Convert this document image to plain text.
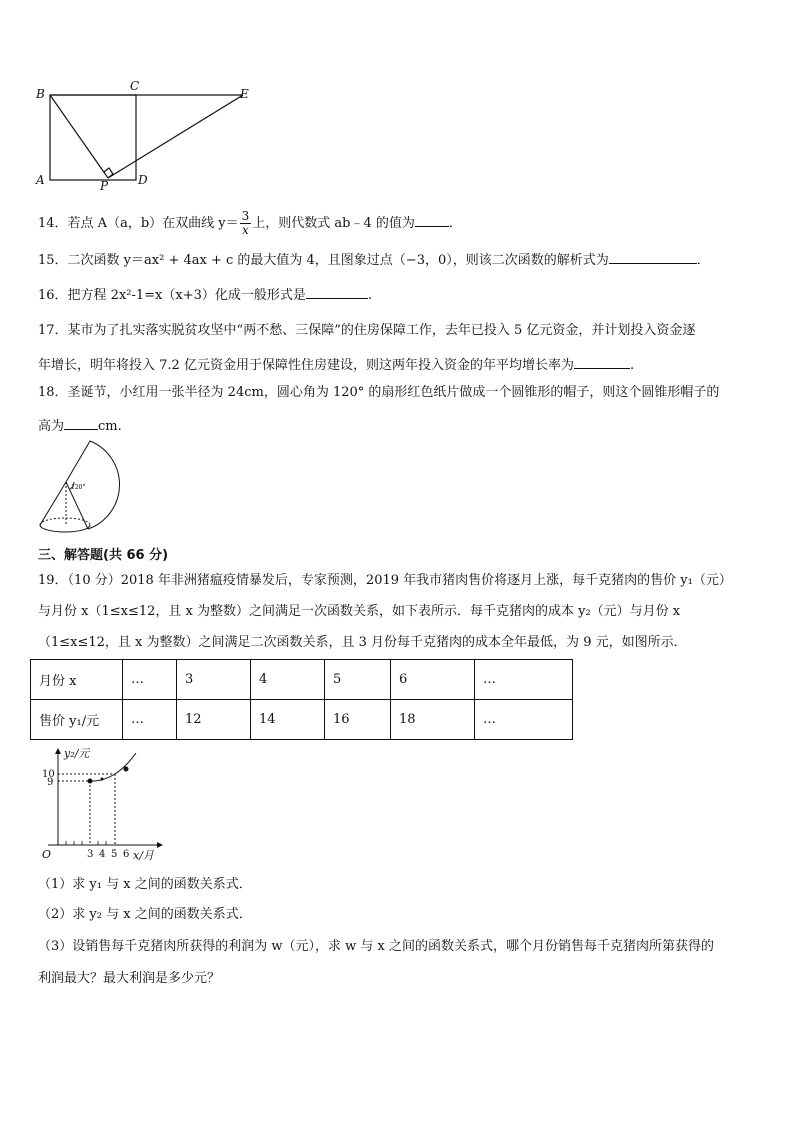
B
C
E
A	P D
14．若点 A（a，b）在双曲线 $y= \frac{3}{x}$ 上，则代数式 ab﹣4 的值为	．
15．二次函数 y＝ax² + 4ax + c 的最大值为 4，且图象过点（−3，0），则该二次函数的解析式为	．
16．把方程 2x²-1=x（x+3）化成一般形式是	.
17．某市为了扎实落实脱贫攻坚中“两不愁、三保障”的住房保障工作，去年已投入 5 亿元资金，并计划投入资金逐
年增长，明年将投入 7.2 亿元资金用于保障性住房建设，则这两年投入资金的年平均增长率为	.
18．圣诞节，小红用一张半径为 24cm，圆心角为 120° 的扇形红色纸片做成一个圆锥形的帽子，则这个圆锥形帽子的
高为	cm.
120°
三、解答题(共 66 分)
19．（10 分）2018 年非洲猪瘟疫情暴发后，专家预测，2019 年我市猪肉售价将逐月上涨，每千克猪肉的售价 y₁（元）
与月份 x（1≤x≤12，且 x 为整数）之间满足一次函数关系，如下表所示．每千克猪肉的成本 y₂（元）与月份 x
（1≤x≤12，且 x 为整数）之间满足二次函数关系，且 3 月份每千克猪肉的成本全年最低，为 9 元，如图所示．
月份 x	…	3	4	5	6	…
售价 y₁/元	…	12	14	16	18	…
y₂/元
x/月
O
10
9
3 4 5 6
（1）求 y₁ 与 x 之间的函数关系式．
（2）求 y₂ 与 x 之间的函数关系式．
（3）设销售每千克猪肉所获得的利润为 w（元），求 w 与 x 之间的函数关系式，哪个月份销售每千克猪肉所第获得的
利润最大？最大利润是多少元？
